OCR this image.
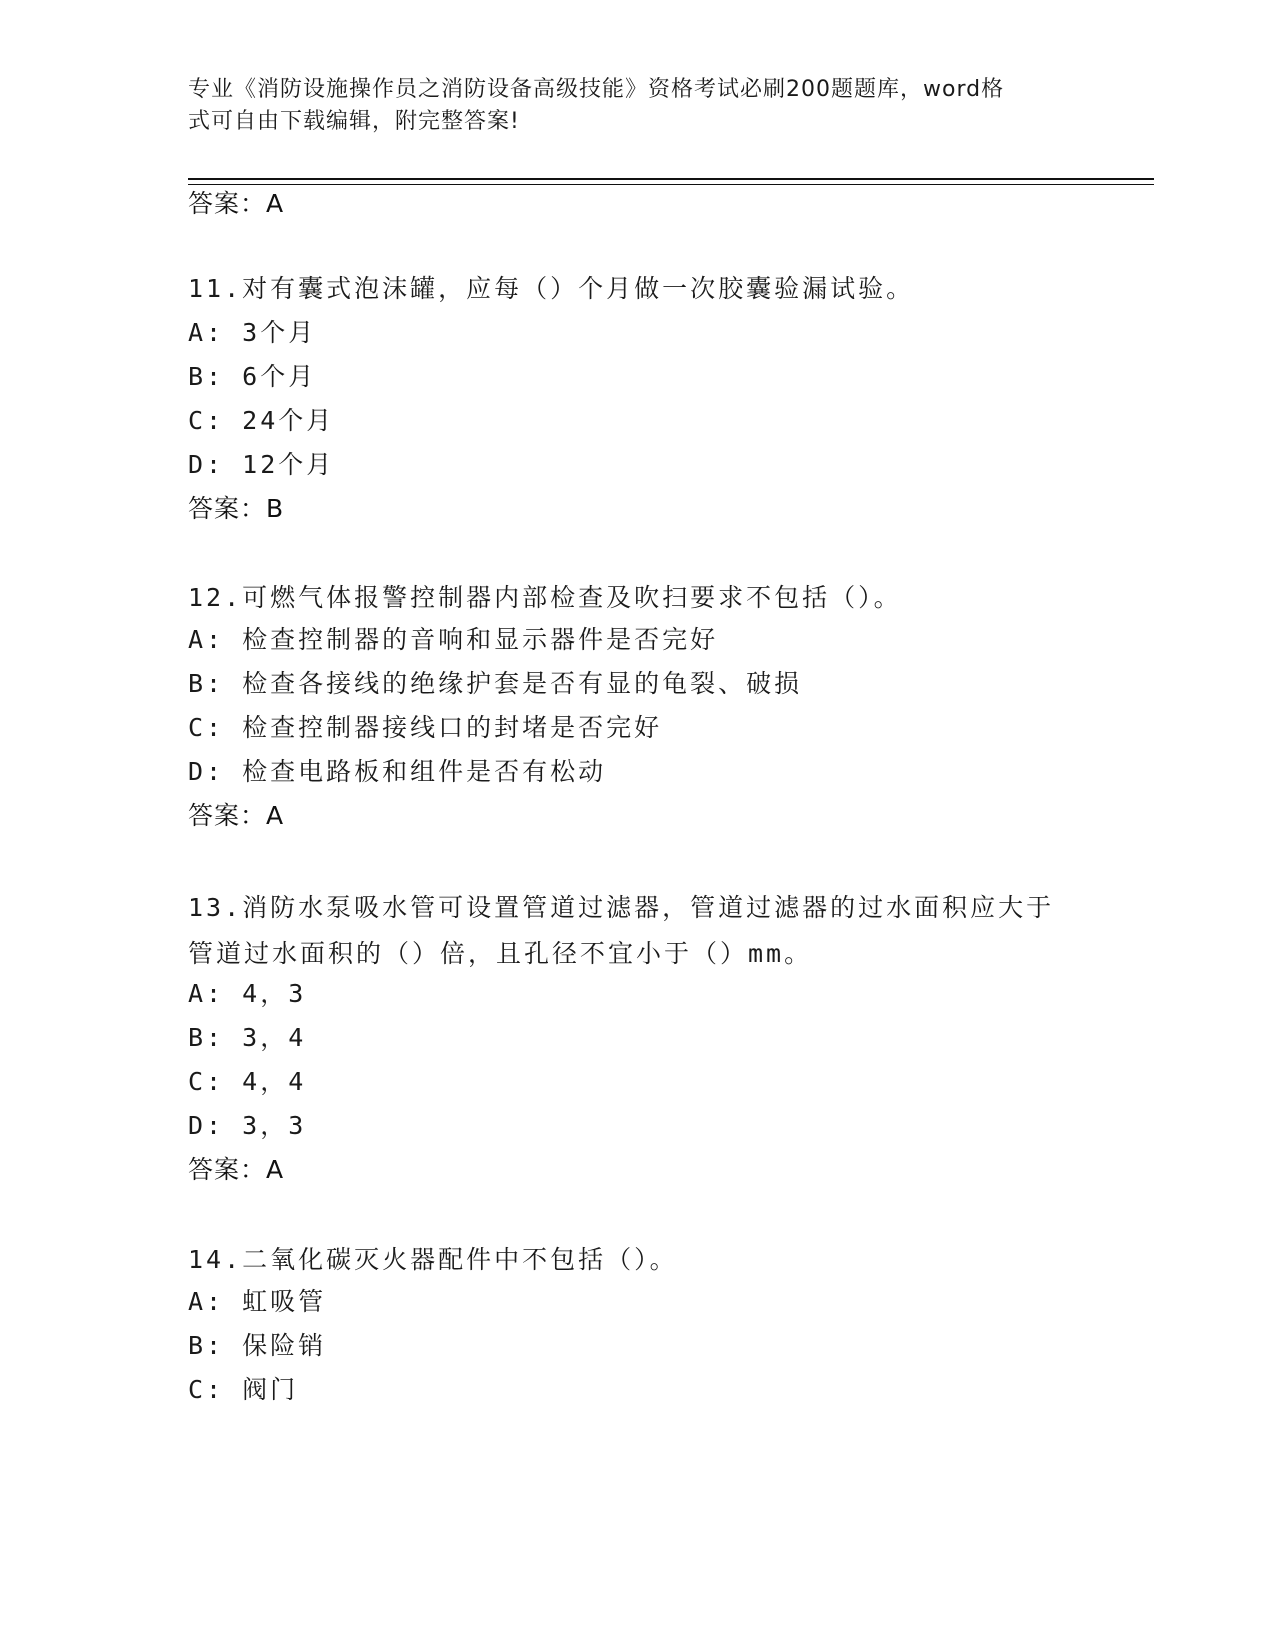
专业《消防设施操作员之消防设备高级技能》资格考试必刷200题题库，word格
式可自由下载编辑，附完整答案!
答案：A
11.对有囊式泡沫罐，应每（）个月做一次胶囊验漏试验。
A: 3个月
B: 6个月
C: 24个月
D: 12个月
答案：B
12.可燃气体报警控制器内部检查及吹扫要求不包括（）。
A: 检查控制器的音响和显示器件是否完好
B: 检查各接线的绝缘护套是否有显的龟裂、破损
C: 检查控制器接线口的封堵是否完好
D: 检查电路板和组件是否有松动
答案：A
13.消防水泵吸水管可设置管道过滤器，管道过滤器的过水面积应大于
管道过水面积的（）倍，且孔径不宜小于（）mm。
A: 4，3
B: 3，4
C: 4，4
D: 3，3
答案：A
14.二氧化碳灭火器配件中不包括（）。
A: 虹吸管
B: 保险销
C: 阀门
